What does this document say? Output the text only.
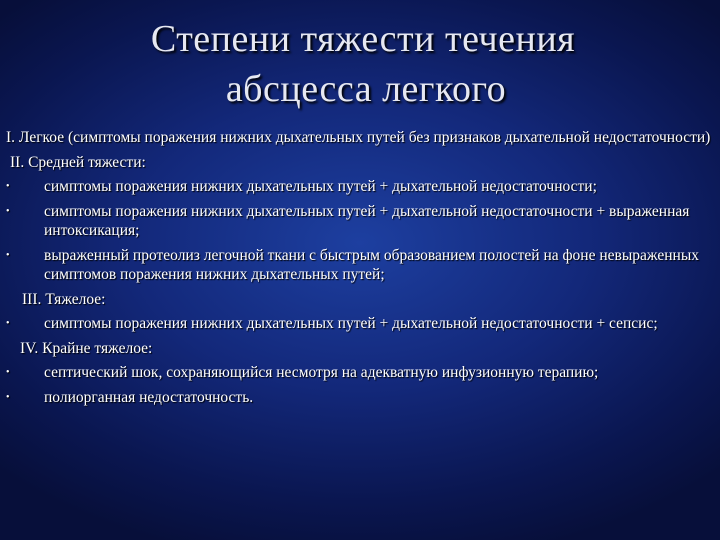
Степени тяжести течения
абсцесса легкого

I. Легкое (симптомы поражения нижних дыхательных путей без признаков дыхательной недостаточности)

II. Средней тяжести:

•	симптомы поражения нижних дыхательных путей + дыхательной недостаточности;
•	симптомы поражения нижних дыхательных путей + дыхательной недостаточности + выраженная интоксикация;
•	выраженный протеолиз легочной ткани с быстрым образованием полостей на фоне невыраженных симптомов поражения нижних дыхательных путей;

III. Тяжелое:

•	симптомы поражения нижних дыхательных путей + дыхательной недостаточности + сепсис;

IV. Крайне тяжелое:

•	септический шок, сохраняющийся несмотря на адекватную инфузионную терапию;
•	полиорганная недостаточность.
